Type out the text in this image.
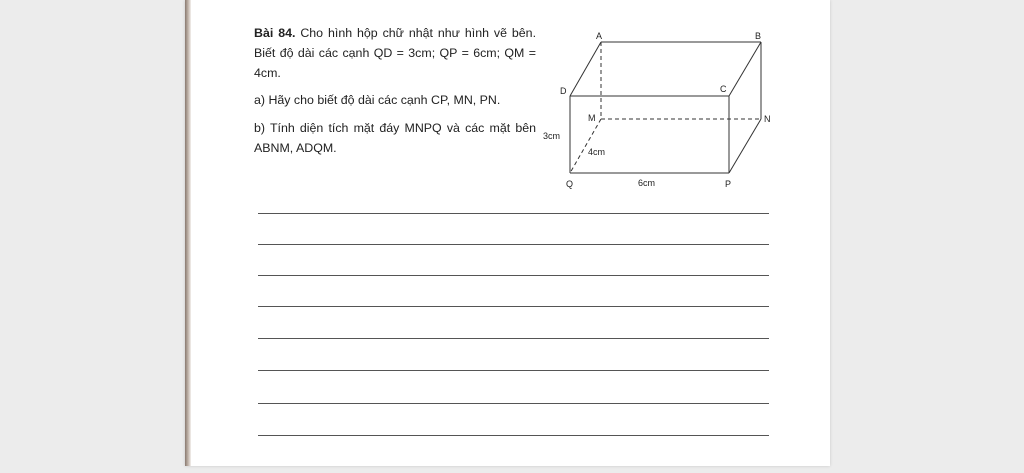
Bài 84. Cho hình hộp chữ nhật như hình vẽ bên. Biết độ dài các cạnh QD = 3cm; QP = 6cm; QM = 4cm.

a) Hãy cho biết độ dài các cạnh CP, MN, PN.

b) Tính diện tích mặt đáy MNPQ và các mặt bên ABNM, ADQM.

A	B
D	C
M	N
Q	P
3cm
4cm
6cm
